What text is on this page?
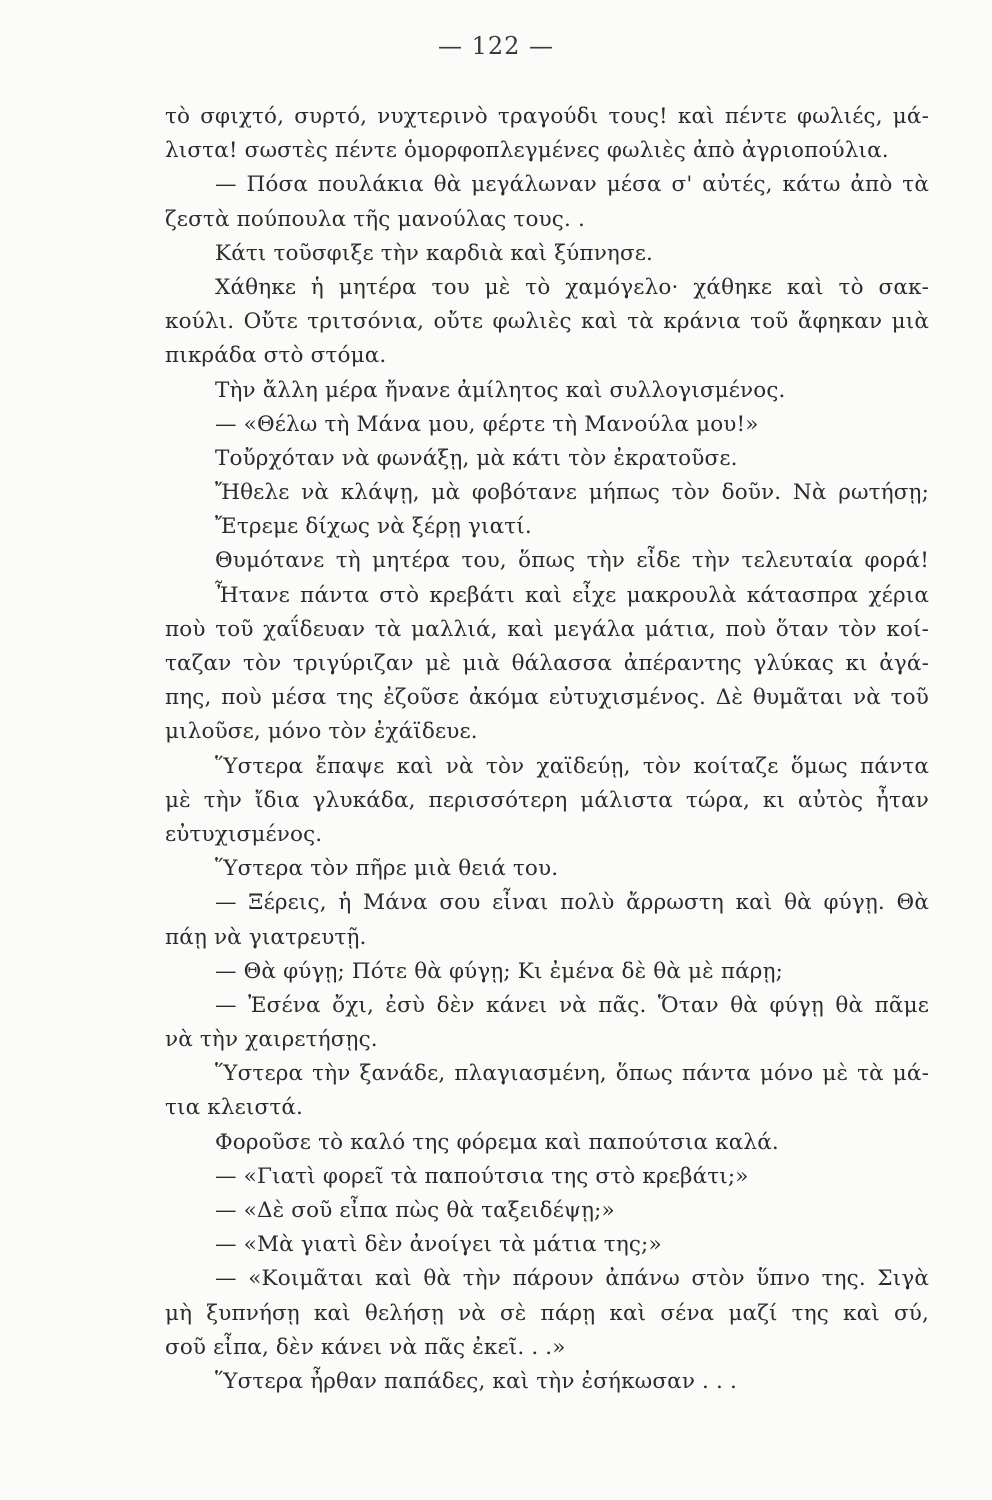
— 122 —
τὸ σφιχτό, συρτό, νυχτερινὸ τραγούδι τους! καὶ πέντε φωλιές, μά-
λιστα! σωστὲς πέντε ὁμορφοπλεγμένες φωλιὲς ἀπὸ ἀγριοπούλια.
— Πόσα πουλάκια θὰ μεγάλωναν μέσα σ' αὐτές, κάτω ἀπὸ τὰ
ζεστὰ πούπουλα τῆς μανούλας τους. .
Κάτι τοῦσφιξε τὴν καρδιὰ καὶ ξύπνησε.
Χάθηκε ἡ μητέρα του μὲ τὸ χαμόγελο· χάθηκε καὶ τὸ σακ-
κούλι. Οὔτε τριτσόνια, οὔτε φωλιὲς καὶ τὰ κράνια τοῦ ἄφηκαν μιὰ
πικράδα στὸ στόμα.
Τὴν ἄλλη μέρα ἤνανε ἀμίλητος καὶ συλλογισμένος.
— «Θέλω τὴ Μάνα μου, φέρτε τὴ Μανούλα μου!»
Τοὔρχόταν νὰ φωνάξῃ, μὰ κάτι τὸν ἐκρατοῦσε.
Ἤθελε νὰ κλάψῃ, μὰ φοβότανε μήπως τὸν δοῦν. Νὰ ρωτήσῃ;
Ἔτρεμε δίχως νὰ ξέρῃ γιατί.
Θυμότανε τὴ μητέρα του, ὅπως τὴν εἶδε τὴν τελευταία φορά!
Ἦτανε πάντα στὸ κρεβάτι καὶ εἶχε μακρουλὰ κάτασπρα χέρια
ποὺ τοῦ χαΐδευαν τὰ μαλλιά, καὶ μεγάλα μάτια, ποὺ ὅταν τὸν κοί-
ταζαν τὸν τριγύριζαν μὲ μιὰ θάλασσα ἀπέραντης γλύκας κι ἀγά-
πης, ποὺ μέσα της ἐζοῦσε ἀκόμα εὐτυχισμένος. Δὲ θυμᾶται νὰ τοῦ
μιλοῦσε, μόνο τὸν ἐχάϊδευε.
Ὕστερα ἔπαψε καὶ νὰ τὸν χαϊδεύῃ, τὸν κοίταζε ὅμως πάντα
μὲ τὴν ἴδια γλυκάδα, περισσότερη μάλιστα τώρα, κι αὐτὸς ἦταν
εὐτυχισμένος.
Ὕστερα τὸν πῆρε μιὰ θειά του.
— Ξέρεις, ἡ Μάνα σου εἶναι πολὺ ἄρρωστη καὶ θὰ φύγῃ. Θὰ
πάῃ νὰ γιατρευτῇ.
— Θὰ φύγῃ; Πότε θὰ φύγῃ; Κι ἐμένα δὲ θὰ μὲ πάρῃ;
— Ἐσένα ὄχι, ἐσὺ δὲν κάνει νὰ πᾶς. Ὅταν θὰ φύγῃ θὰ πᾶμε
νὰ τὴν χαιρετήσῃς.
Ὕστερα τὴν ξανάδε, πλαγιασμένη, ὅπως πάντα μόνο μὲ τὰ μά-
τια κλειστά.
Φοροῦσε τὸ καλό της φόρεμα καὶ παπούτσια καλά.
— «Γιατὶ φορεῖ τὰ παπούτσια της στὸ κρεβάτι;»
— «Δὲ σοῦ εἶπα πὼς θὰ ταξειδέψῃ;»
— «Μὰ γιατὶ δὲν ἀνοίγει τὰ μάτια της;»
— «Κοιμᾶται καὶ θὰ τὴν πάρουν ἀπάνω στὸν ὕπνο της. Σιγὰ
μὴ ξυπνήσῃ καὶ θελήσῃ νὰ σὲ πάρῃ καὶ σένα μαζί της καὶ σύ,
σοῦ εἶπα, δὲν κάνει νὰ πᾶς ἐκεῖ. . .»
Ὕστερα ἦρθαν παπάδες, καὶ τὴν ἐσήκωσαν . . .
